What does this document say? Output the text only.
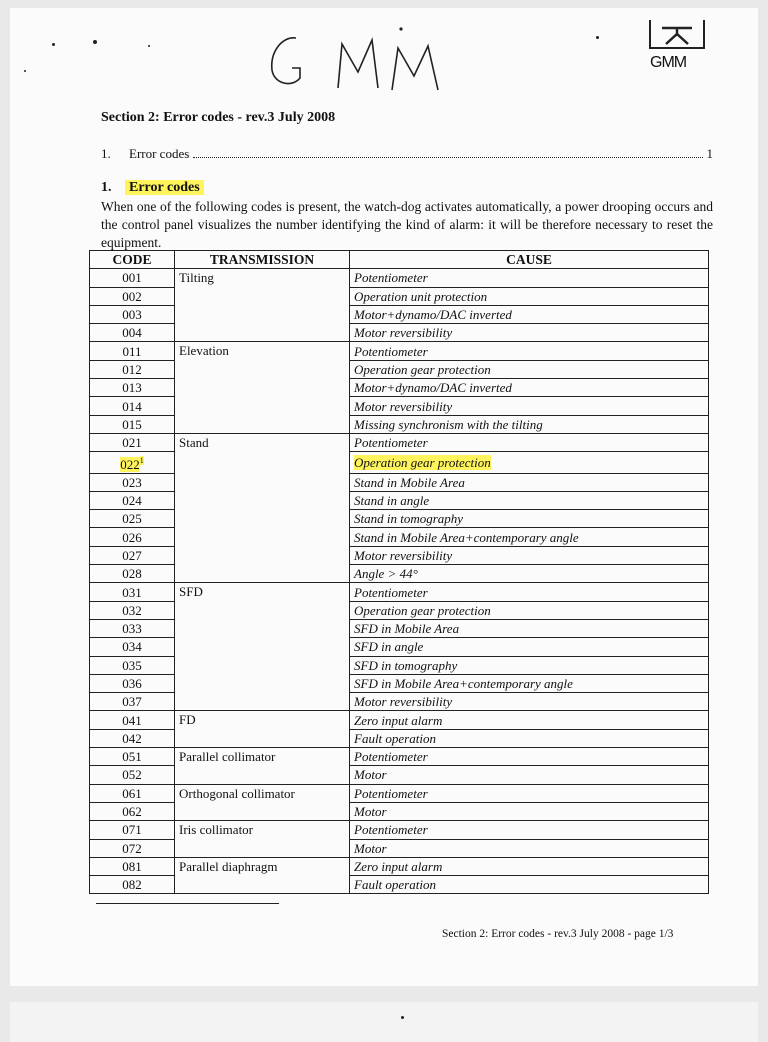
GMM
Section 2: Error codes - rev.3 July 2008
1.	Error codes	1
1. Error codes
When one of the following codes is present, the watch-dog activates automatically, a power drooping occurs and the control panel visualizes the number identifying the kind of alarm: it will be therefore necessary to reset the equipment.
CODE	TRANSMISSION	CAUSE
001	Tilting	Potentiometer
002		Operation unit protection
003		Motor+dynamo/DAC inverted
004		Motor reversibility
011	Elevation	Potentiometer
012		Operation gear protection
013		Motor+dynamo/DAC inverted
014		Motor reversibility
015		Missing synchronism with the tilting
021	Stand	Potentiometer
$022^1$		Operation gear protection
023		Stand in Mobile Area
024		Stand in angle
025		Stand in tomography
026		Stand in Mobile Area+contemporary angle
027		Motor reversibility
028		Angle > 44°
031	SFD	Potentiometer
032		Operation gear protection
033		SFD in Mobile Area
034		SFD in angle
035		SFD in tomography
036		SFD in Mobile Area+contemporary angle
037		Motor reversibility
041	FD	Zero input alarm
042		Fault operation
051	Parallel collimator	Potentiometer
052		Motor
061	Orthogonal collimator	Potentiometer
062		Motor
071	Iris collimator	Potentiometer
072		Motor
081	Parallel diaphragm	Zero input alarm
082		Fault operation
Section 2: Error codes - rev.3 July 2008 - page 1/3
